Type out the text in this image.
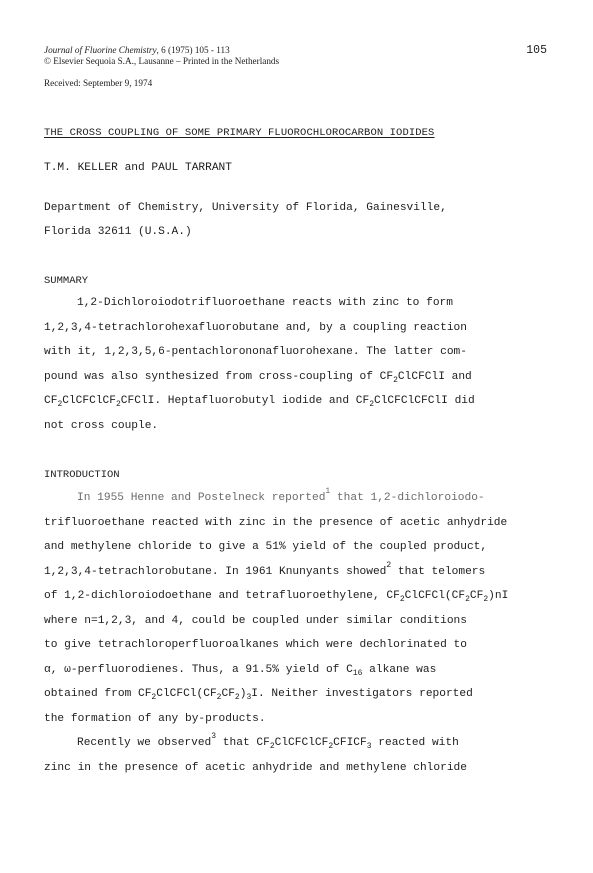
Journal of Fluorine Chemistry, 6 (1975) 105 - 113
© Elsevier Sequoia S.A., Lausanne – Printed in the Netherlands
105
Received: September 9, 1974
THE CROSS COUPLING OF SOME PRIMARY FLUOROCHLOROCARBON IODIDES
T.M. KELLER and PAUL TARRANT
Department of Chemistry, University of Florida, Gainesville,
Florida 32611 (U.S.A.)
SUMMARY
1,2-Dichloroiodotrifluoroethane reacts with zinc to form
1,2,3,4-tetrachlorohexafluorobutane and, by a coupling reaction
with it, 1,2,3,5,6-pentachlorononafluorohexane. The latter com-
pound was also synthesized from cross-coupling of $CF_2ClCFClI$ and
$CF_2ClCFClCF_2CFClI$. Heptafluorobutyl iodide and $CF_2ClCFClCFClI$ did
not cross couple.
INTRODUCTION
In 1955 Henne and Postelneck reported$^1$ that 1,2-dichloroiodo-
trifluoroethane reacted with zinc in the presence of acetic anhydride
and methylene chloride to give a 51% yield of the coupled product,
1,2,3,4-tetrachlorobutane. In 1961 Knunyants showed$^2$ that telomers
of 1,2-dichloroiodoethane and tetrafluoroethylene, $CF_2ClCFCl(CF_2CF_2)nI$
where n=1,2,3, and 4, could be coupled under similar conditions
to give tetrachloroperfluoroalkanes which were dechlorinated to
α, ω-perfluorodienes. Thus, a 91.5% yield of $C_{16}$ alkane was
obtained from $CF_2ClCFCl(CF_2CF_2)_3I$. Neither investigators reported
the formation of any by-products.
Recently we observed$^3$ that $CF_2ClCFClCF_2CFICF_3$ reacted with
zinc in the presence of acetic anhydride and methylene chloride
